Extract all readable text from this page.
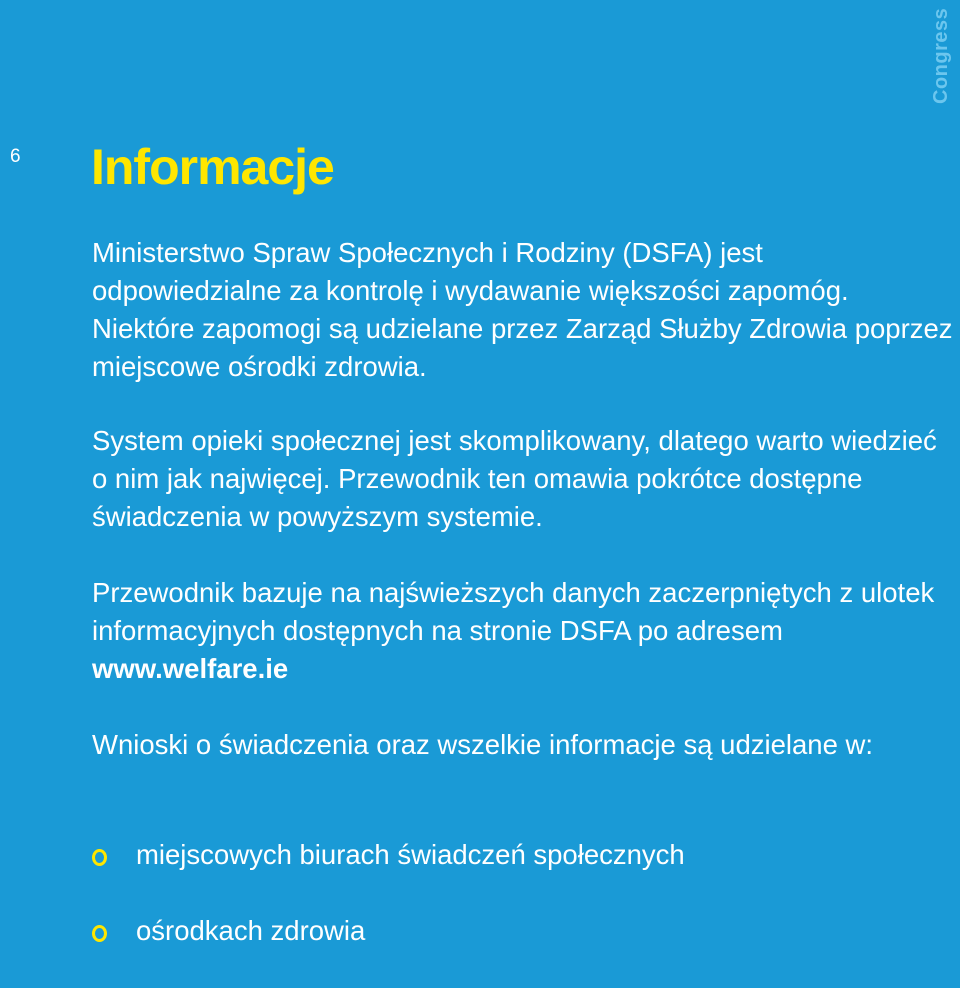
Congress
6 Informacje

Ministerstwo Spraw Społecznych i Rodziny (DSFA) jest odpowiedzialne za kontrolę i wydawanie większości zapomóg. Niektóre zapomogi są udzielane przez Zarząd Służby Zdrowia poprzez miejscowe ośrodki zdrowia.

System opieki społecznej jest skomplikowany, dlatego warto wiedzieć o nim jak najwięcej. Przewodnik ten omawia pokrótce dostępne świadczenia w powyższym systemie.

Przewodnik bazuje na najświeższych danych zaczerpniętych z ulotek informacyjnych dostępnych na stronie DSFA po adresem www.welfare.ie

Wnioski o świadczenia oraz wszelkie informacje są udzielane w:

miejscowych biurach świadczeń społecznych
ośrodkach zdrowia
